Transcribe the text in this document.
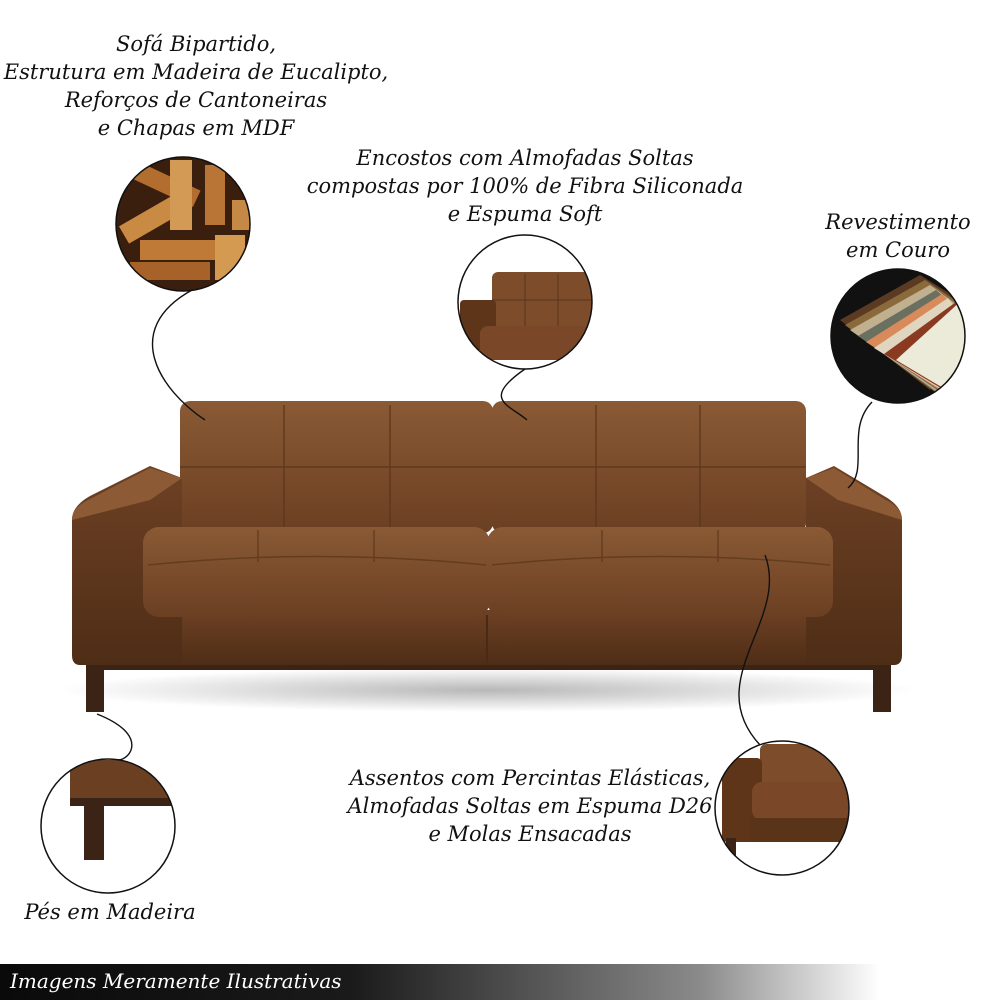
Sofá Bipartido,
Estrutura em Madeira de Eucalipto,
Reforços de Cantoneiras
e Chapas em MDF
Encostos com Almofadas Soltas
compostas por 100% de Fibra Siliconada
e Espuma Soft	Revestimento
em Couro
Assentos com Percintas Elásticas,
Almofadas Soltas em Espuma D26
e Molas Ensacadas
Pés em Madeira
Imagens Meramente Ilustrativas
